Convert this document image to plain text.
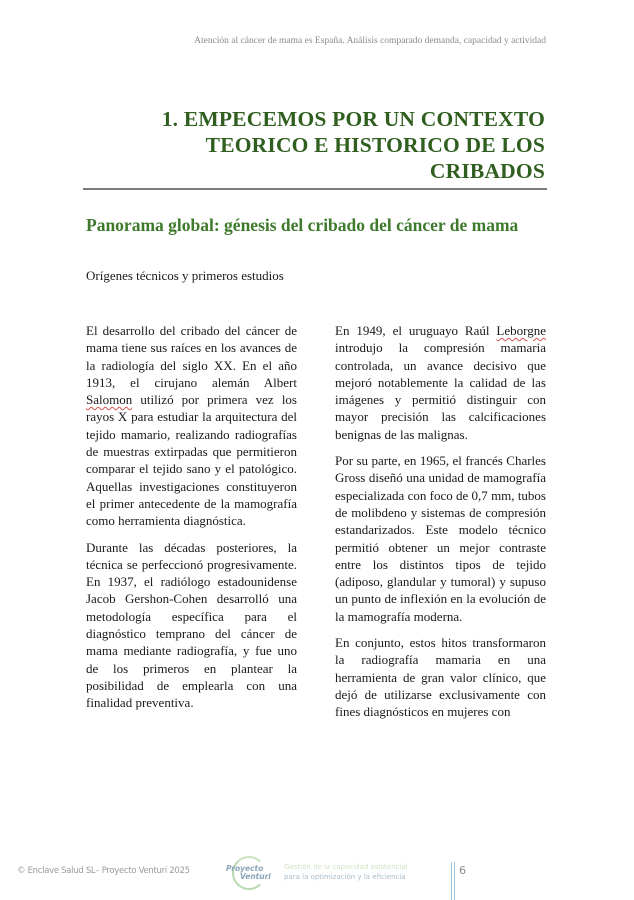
Atención al cáncer de mama es España. Análisis comparado demanda, capacidad y actividad
1. EMPECEMOS POR UN CONTEXTO
TEORICO E HISTORICO DE LOS
CRIBADOS
Panorama global: génesis del cribado del cáncer de mama
Orígenes técnicos y primeros estudios

El desarrollo del cribado del cáncer de mama tiene sus raíces en los avances de la radiología del siglo XX. En el año 1913, el cirujano alemán Albert Salomon utilizó por primera vez los rayos X para estudiar la arquitectura del tejido mamario, realizando radiografías de muestras extirpadas que permitieron comparar el tejido sano y el patológico. Aquellas investigaciones constituyeron el primer antecedente de la mamografía como herramienta diagnóstica.

Durante las décadas posteriores, la técnica se perfeccionó progresivamente. En 1937, el radiólogo estadounidense Jacob Gershon-Cohen desarrolló una metodología específica para el diagnóstico temprano del cáncer de mama mediante radiografía, y fue uno de los primeros en plantear la posibilidad de emplearla con una finalidad preventiva.

En 1949, el uruguayo Raúl Leborgne introdujo la compresión mamaria controlada, un avance decisivo que mejoró notablemente la calidad de las imágenes y permitió distinguir con mayor precisión las calcificaciones benignas de las malignas.

Por su parte, en 1965, el francés Charles Gross diseñó una unidad de mamografía especializada con foco de 0,7 mm, tubos de molibdeno y sistemas de compresión estandarizados. Este modelo técnico permitió obtener un mejor contraste entre los distintos tipos de tejido (adiposo, glandular y tumoral) y supuso un punto de inflexión en la evolución de la mamografía moderna.

En conjunto, estos hitos transformaron la radiografía mamaria en una herramienta de gran valor clínico, que dejó de utilizarse exclusivamente con fines diagnósticos en mujeres con

© Enclave Salud SL– Proyecto Venturi 2025	Proyecto
Venturi
Gestión de la capacidad asistencial
para la optimización y la eficiencia	6
